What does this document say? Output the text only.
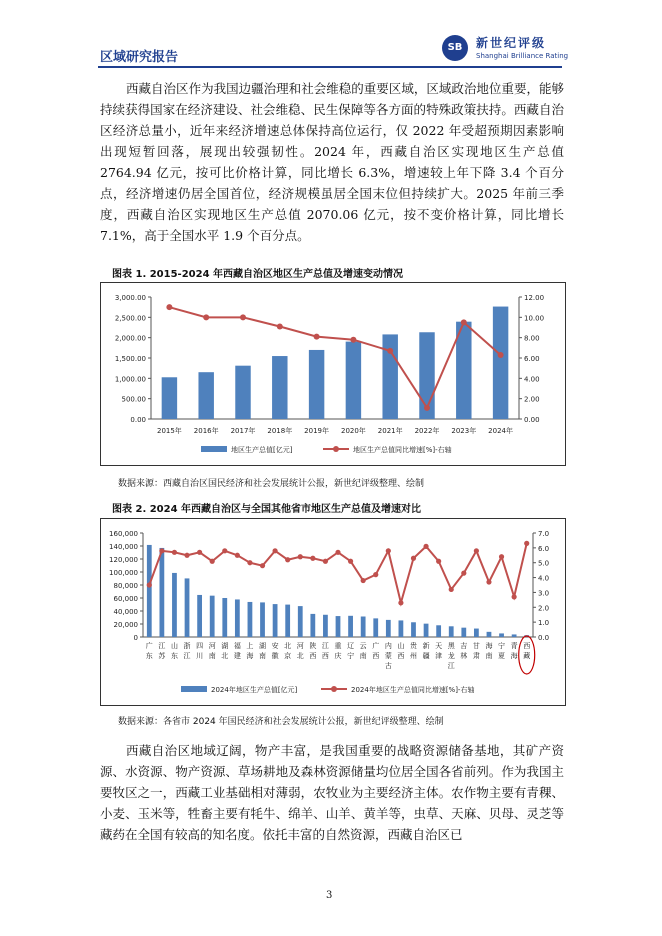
区域研究报告
SB	新世纪评级
Shanghai Brilliance Rating

西藏自治区作为我国边疆治理和社会维稳的重要区域，区域政治地位重要，能够持续获得国家在经济建设、社会维稳、民生保障等各方面的特殊政策扶持。西藏自治区经济总量小，近年来经济增速总体保持高位运行，仅 2022 年受超预期因素影响出现短暂回落，展现出较强韧性。2024 年，西藏自治区实现地区生产总值 2764.94 亿元，按可比价格计算，同比增长 6.3%，增速较上年下降 3.4 个百分点，经济增速仍居全国首位，经济规模虽居全国末位但持续扩大。2025 年前三季度，西藏自治区实现地区生产总值 2070.06 亿元，按不变价格计算，同比增长 7.1%，高于全国水平 1.9 个百分点。

图表 1. 2015-2024 年西藏自治区地区生产总值及增速变动情况
0.00
500.00
1,000.00
1,500.00
2,000.00
2,500.00
3,000.00
0.00
2.00
4.00
6.00
8.00
10.00
12.00
2015年 2016年 2017年 2018年 2019年 2020年 2021年 2022年 2023年 2024年
地区生产总值[亿元]	地区生产总值同比增速[%]-右轴
数据来源：西藏自治区国民经济和社会发展统计公报，新世纪评级整理、绘制
图表 2. 2024 年西藏自治区与全国其他省市地区生产总值及增速对比
0
20,000
40,000
60,000
80,000
100,000
120,000
140,000
160,000
0.0
1.0
2.0
3.0
4.0
5.0
6.0
7.0
广东
江苏
山东
浙江
四川
河南
湖北
福建
上海
湖南
安徽
北京
河北
陕西
江西
重庆
辽宁
云南
广西
内蒙古
山西
贵州
新疆
天津
黑龙江
吉林
甘肃
海南
宁夏
青海
西藏
2024年地区生产总值[亿元]	2024年地区生产总值同比增速[%]-右轴
数据来源：各省市 2024 年国民经济和社会发展统计公报，新世纪评级整理、绘制

西藏自治区地域辽阔，物产丰富，是我国重要的战略资源储备基地，其矿产资源、水资源、物产资源、草场耕地及森林资源储量均位居全国各省前列。作为我国主要牧区之一，西藏工业基础相对薄弱，农牧业为主要经济主体。农作物主要有青稞、小麦、玉米等，牲畜主要有牦牛、绵羊、山羊、黄羊等，虫草、天麻、贝母、灵芝等藏药在全国有较高的知名度。依托丰富的自然资源，西藏自治区已

3
